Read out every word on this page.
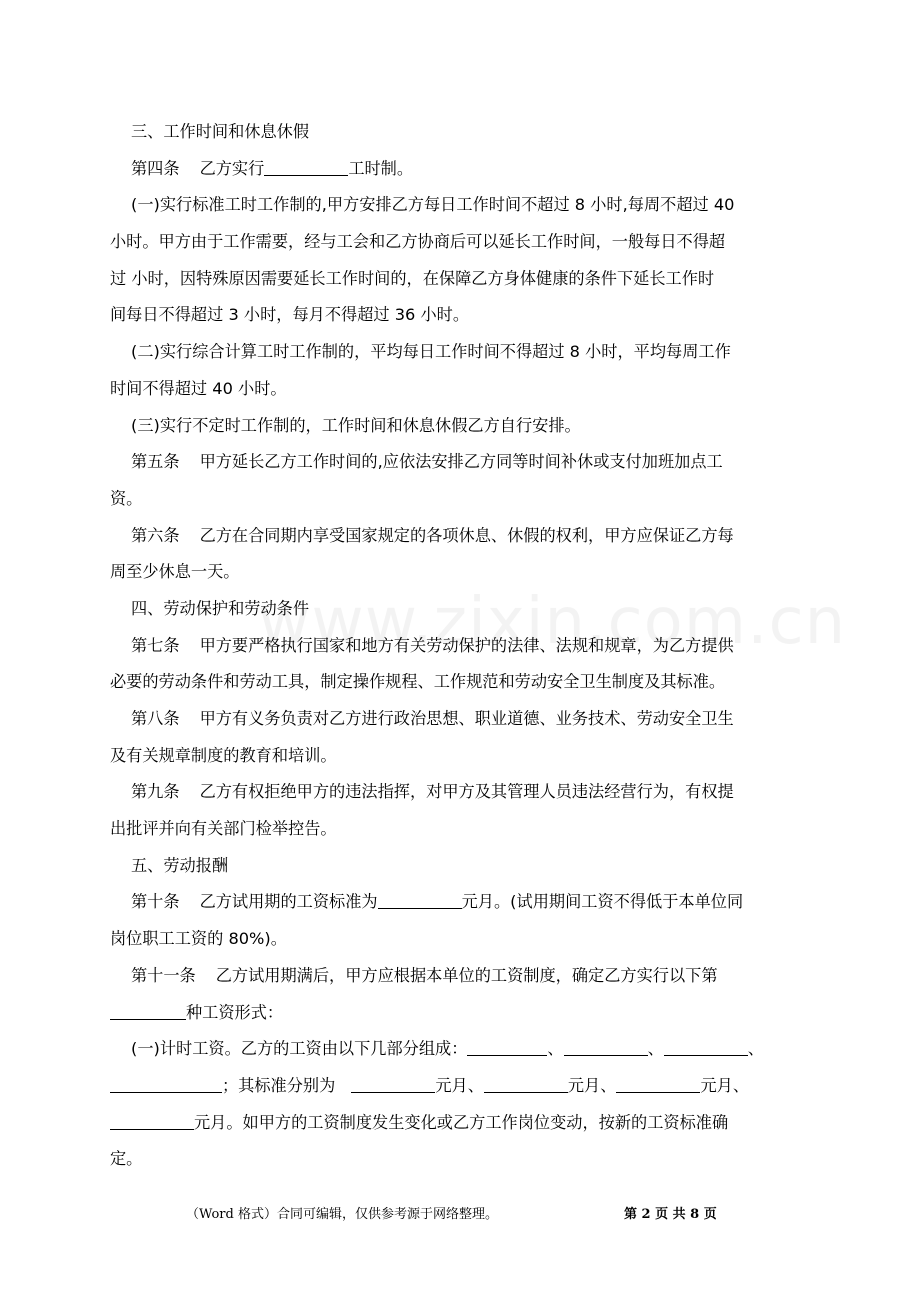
三、工作时间和休息休假
第四条 乙方实行	工时制。
(一)实行标准工时工作制的,甲方安排乙方每日工作时间不超过 8 小时,每周不超过 40
小时。甲方由于工作需要，经与工会和乙方协商后可以延长工作时间，一般每日不得超
过 小时，因特殊原因需要延长工作时间的，在保障乙方身体健康的条件下延长工作时
间每日不得超过 3 小时，每月不得超过 36 小时。
(二)实行综合计算工时工作制的，平均每日工作时间不得超过 8 小时，平均每周工作
时间不得超过 40 小时。
(三)实行不定时工作制的，工作时间和休息休假乙方自行安排。
第五条 甲方延长乙方工作时间的,应依法安排乙方同等时间补休或支付加班加点工
资。
第六条 乙方在合同期内享受国家规定的各项休息、休假的权利，甲方应保证乙方每
周至少休息一天。
四、劳动保护和劳动条件
第七条 甲方要严格执行国家和地方有关劳动保护的法律、法规和规章，为乙方提供
必要的劳动条件和劳动工具，制定操作规程、工作规范和劳动安全卫生制度及其标准。
第八条 甲方有义务负责对乙方进行政治思想、职业道德、业务技术、劳动安全卫生
及有关规章制度的教育和培训。
第九条 乙方有权拒绝甲方的违法指挥，对甲方及其管理人员违法经营行为，有权提
出批评并向有关部门检举控告。
五、劳动报酬
第十条 乙方试用期的工资标准为	元月。(试用期间工资不得低于本单位同
岗位职工工资的 80%)。
第十一条 乙方试用期满后，甲方应根据本单位的工资制度，确定乙方实行以下第
种工资形式：
(一)计时工资。乙方的工资由以下几部分组成：	、	、	、
；其标准分别为	元月、	元月、	元月、
元月。如甲方的工资制度发生变化或乙方工作岗位变动，按新的工资标准确
定。
（Word 格式）合同可编辑，仅供参考源于网络整理。	第 2 页 共 8 页
